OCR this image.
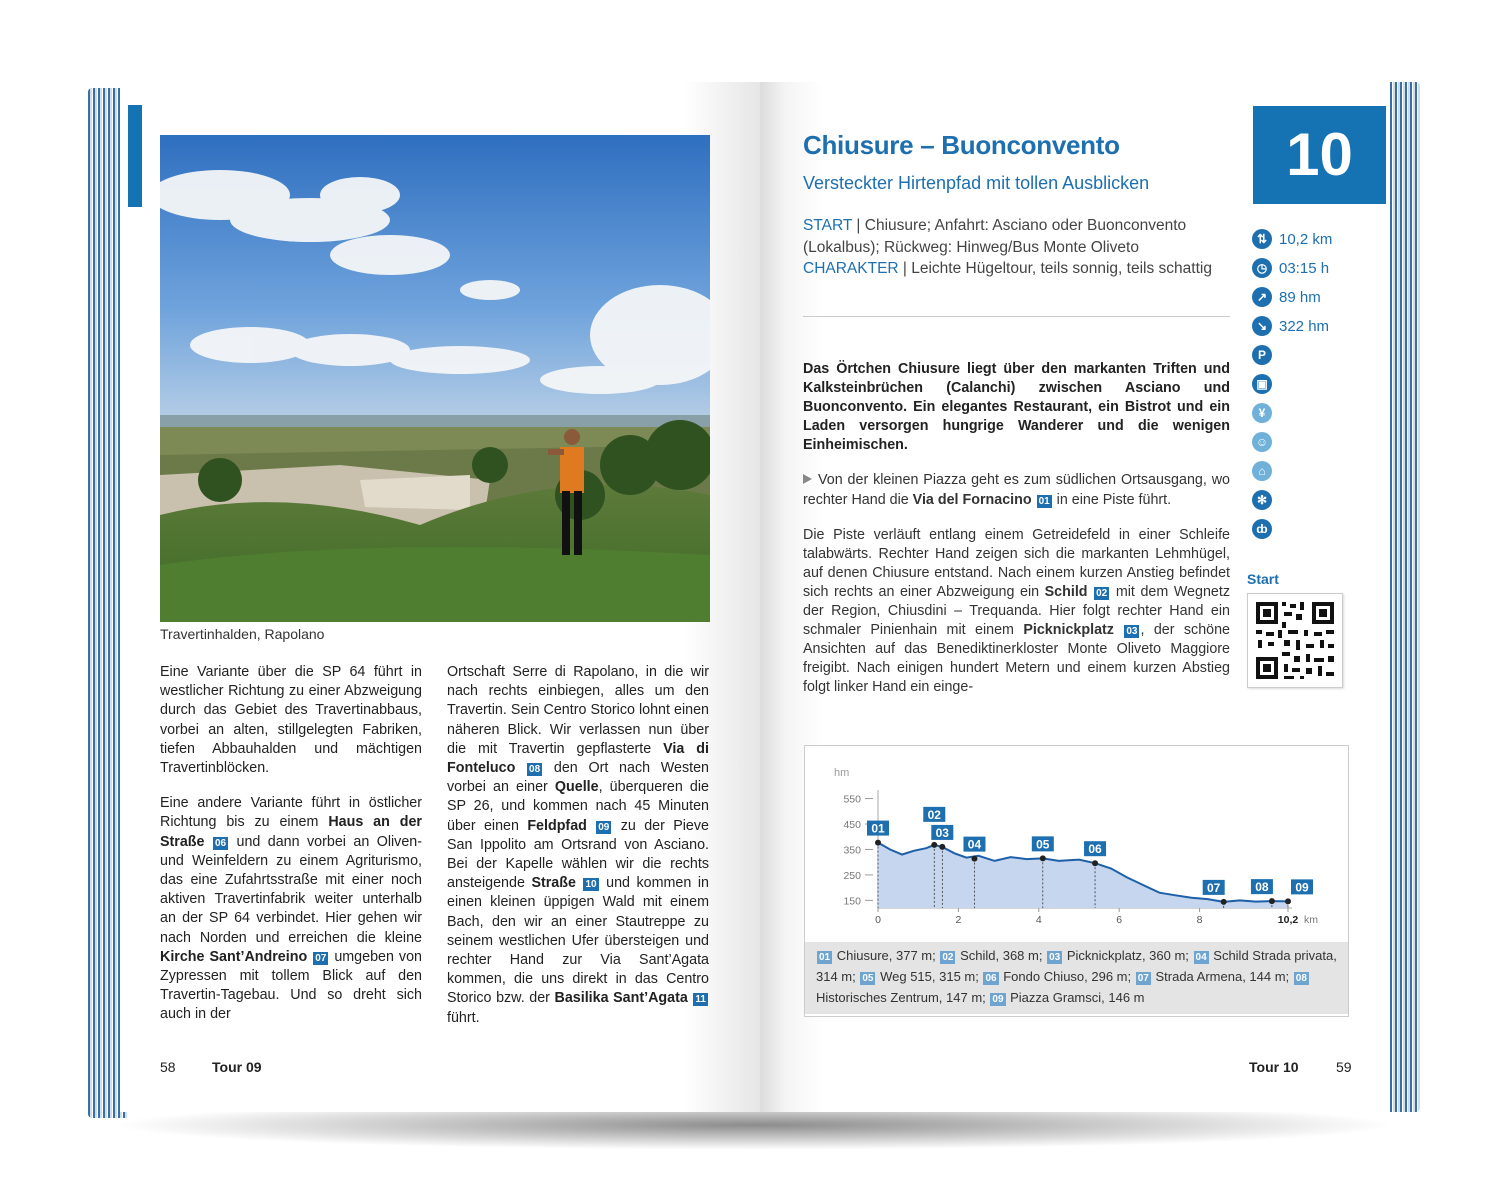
Travertinhalden, Rapolano

Eine Variante über die SP 64 führt in westlicher Richtung zu einer Abzweigung durch das Gebiet des Travertinabbaus, vorbei an alten, stillgelegten Fabriken, tiefen Abbauhalden und mächtigen Travertinblöcken.

Eine andere Variante führt in östlicher Richtung bis zu einem Haus an der Straße 06 und dann vorbei an Oliven- und Weinfeldern zu einem Agriturismo, das eine Zufahrtsstraße mit einer noch aktiven Travertinfabrik weiter unterhalb an der SP 64 verbindet. Hier gehen wir nach Norden und erreichen die kleine Kirche Sant’Andreino 07 umgeben von Zypressen mit tollem Blick auf den Travertin-Tagebau. Und so dreht sich auch in der

Ortschaft Serre di Rapolano, in die wir nach rechts einbiegen, alles um den Travertin. Sein Centro Storico lohnt einen näheren Blick. Wir verlassen nun über die mit Travertin gepflasterte Via di Fonteluco 08 den Ort nach Westen vorbei an einer Quelle, überqueren die SP 26, und kommen nach 45 Minuten über einen Feldpfad 09 zu der Pieve San Ippolito am Ortsrand von Asciano. Bei der Kapelle wählen wir die rechts ansteigende Straße 10 und kommen in einen kleinen üppigen Wald mit einem Bach, den wir an einer Stautreppe zu seinem westlichen Ufer übersteigen und rechter Hand zur Via Sant’Agata kommen, die uns direkt in das Centro Storico bzw. der Basilika Sant’Agata 11 führt.

58	Tour 09
Chiusure – Buonconvento
Versteckter Hirtenpfad mit tollen Ausblicken
START | Chiusure; Anfahrt: Asciano oder Buonconvento (Lokalbus); Rückweg: Hinweg/Bus Monte Oliveto
CHARAKTER | Leichte Hügeltour, teils sonnig, teils schattig

Das Örtchen Chiusure liegt über den markanten Triften und Kalksteinbrüchen (Calanchi) zwischen Asciano und Buonconvento. Ein elegantes Restaurant, ein Bistrot und ein Laden versorgen hungrige Wanderer und die wenigen Einheimischen.

Von der kleinen Piazza geht es zum südlichen Ortsausgang, wo rechter Hand die Via del Fornacino 01 in eine Piste führt.

Die Piste verläuft entlang einem Getreidefeld in einer Schleife talabwärts. Rechter Hand zeigen sich die markanten Lehmhügel, auf denen Chiusure entstand. Nach einem kurzen Anstieg befindet sich rechts an einer Abzweigung ein Schild 02 mit dem Wegnetz der Region, Chiusdini – Trequanda. Hier folgt rechter Hand ein schmaler Pinienhain mit einem Picknickplatz 03 , der schöne Ansichten auf das Benediktinerkloster Monte Oliveto Maggiore freigibt. Nach einigen hundert Metern und einem kurzen Abstieg folgt linker Hand ein einge-

10
⇅ 10,2 km
◷ 03:15 h
↗ 89 hm
↘ 322 hm
P
▣
¥
☺
⌂
✻
ȸ
Start
hm
150
250
350
450
550
0	2	4	6	8	10,2 km
01
02
03
04	05	06
07	08 09
01 Chiusure, 377 m; 02 Schild, 368 m; 03 Picknickplatz, 360 m; 04 Schild Strada privata, 314 m; 05 Weg 515, 315 m; 06 Fondo Chiuso, 296 m; 07 Strada Armena, 144 m; 08 Historisches Zentrum, 147 m; 09 Piazza Gramsci, 146 m
Tour 10	59
